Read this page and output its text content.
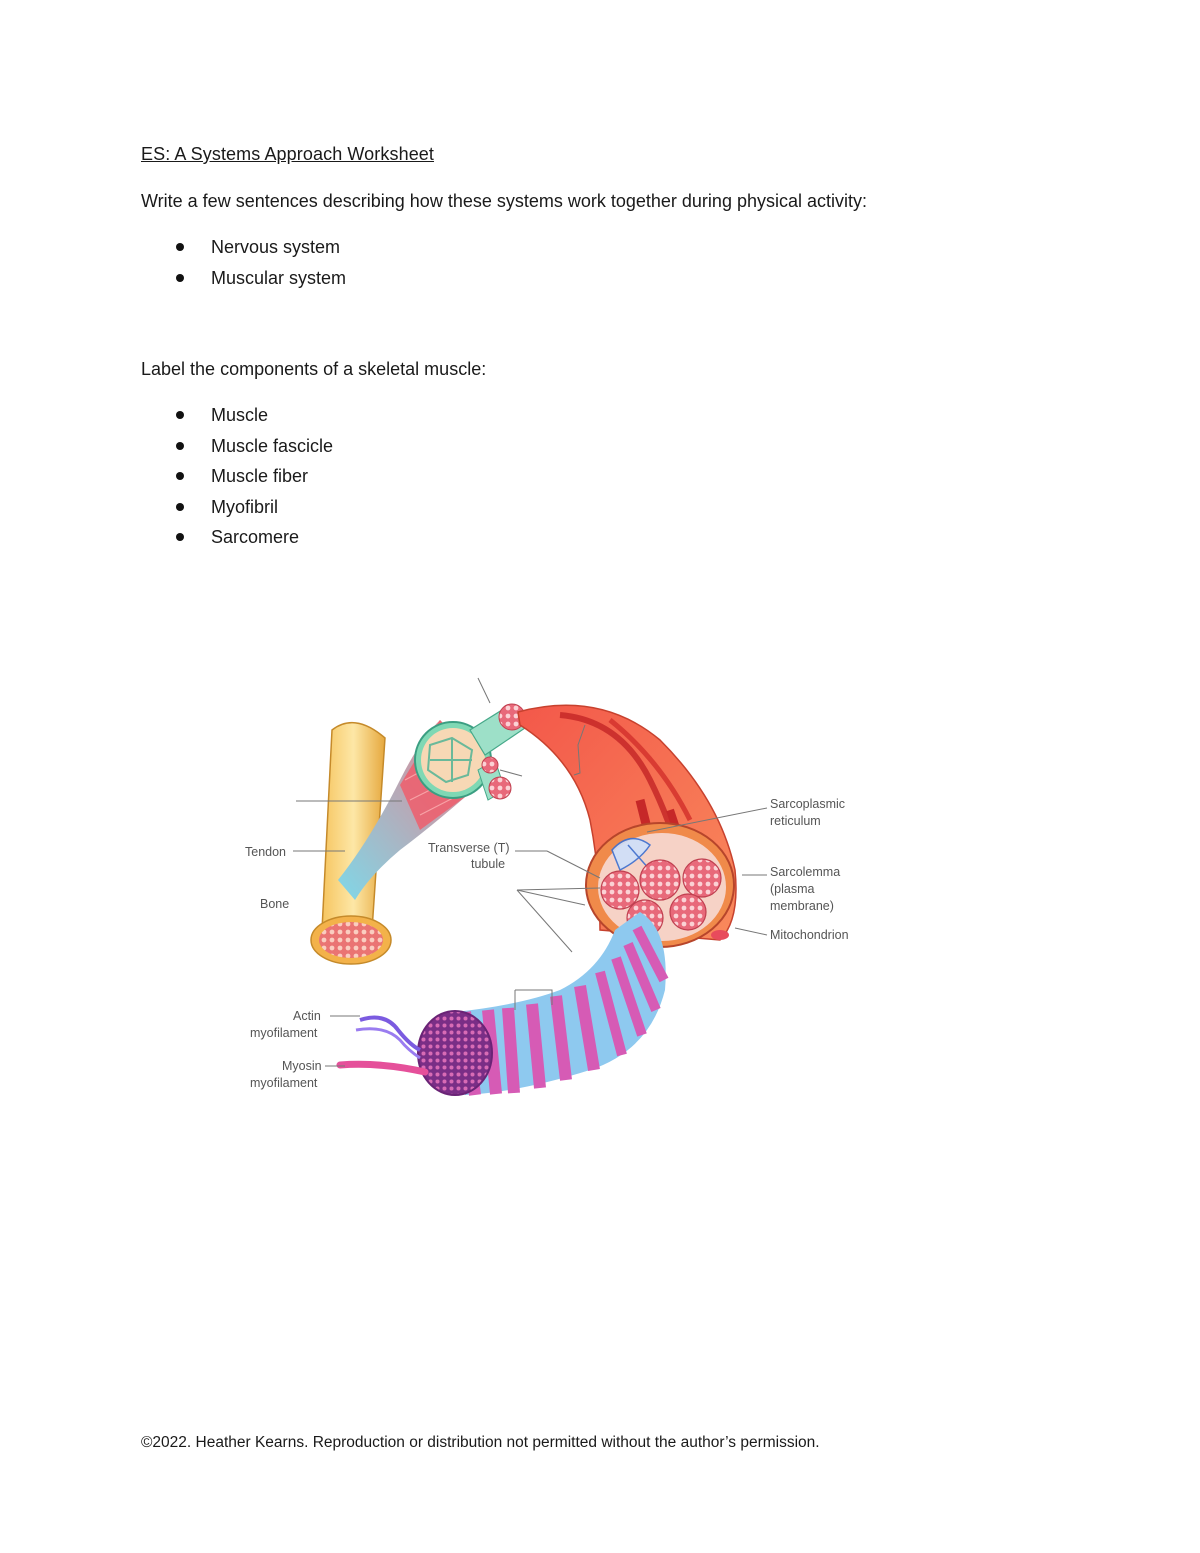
ES: A Systems Approach Worksheet
Write a few sentences describing how these systems work together during physical activity:
Nervous system
Muscular system
Label the components of a skeletal muscle:
Muscle
Muscle fascicle
Muscle fiber
Myofibril
Sarcomere
Sarcoplasmic
reticulum
Tendon
Bone
Transverse (T)
tubule
Sarcolemma
(plasma
membrane)
Mitochondrion
Actin
myofilament
Myosin
myofilament
©2022. Heather Kearns. Reproduction or distribution not permitted without the author’s permission.
